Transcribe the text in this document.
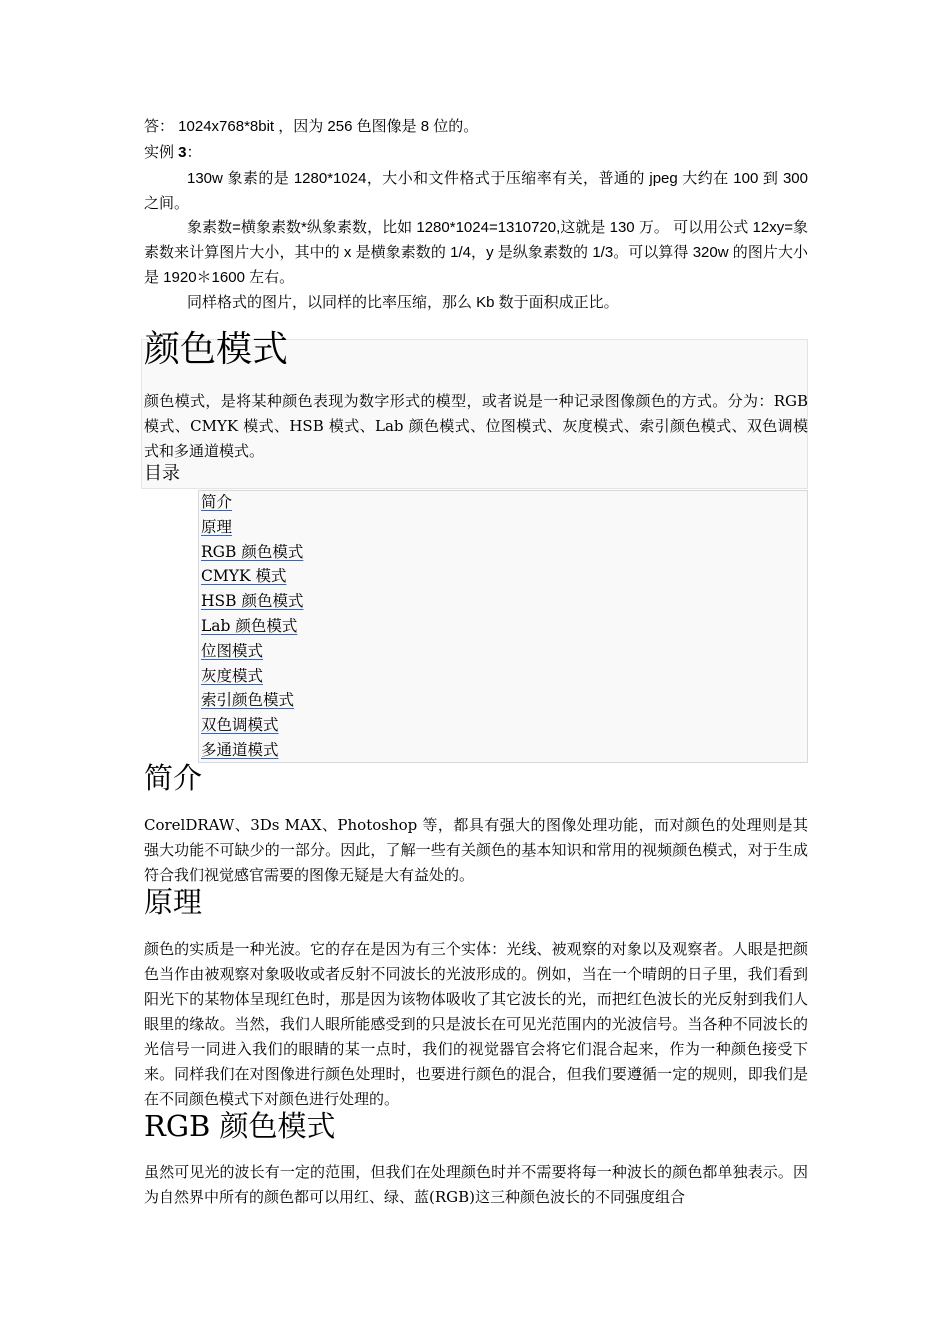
答： 1024x768*8bit ，因为 256 色图像是 8 位的。
实例 3：
130w 象素的是 1280*1024，大小和文件格式于压缩率有关，普通的 jpeg 大约在 100 到 300 之间。
象素数=横象素数*纵象素数，比如 1280*1024=1310720,这就是 130 万。 可以用公式 12xy=象素数来计算图片大小，其中的 x 是横象素数的 1/4，y 是纵象素数的 1/3。可以算得 320w 的图片大小是 1920＊1600 左右。
同样格式的图片，以同样的比率压缩，那么 Kb 数于面积成正比。
颜色模式
颜色模式，是将某种颜色表现为数字形式的模型，或者说是一种记录图像颜色的方式。分为：RGB 模式、CMYK 模式、HSB 模式、Lab 颜色模式、位图模式、灰度模式、索引颜色模式、双色调模式和多通道模式。
目录
简介
原理
RGB 颜色模式
CMYK 模式
HSB 颜色模式
Lab 颜色模式
位图模式
灰度模式
索引颜色模式
双色调模式
多通道模式
简介
CorelDRAW、3Ds MAX、Photoshop 等，都具有强大的图像处理功能，而对颜色的处理则是其强大功能不可缺少的一部分。因此，了解一些有关颜色的基本知识和常用的视频颜色模式，对于生成符合我们视觉感官需要的图像无疑是大有益处的。
原理
颜色的实质是一种光波。它的存在是因为有三个实体：光线、被观察的对象以及观察者。人眼是把颜色当作由被观察对象吸收或者反射不同波长的光波形成的。例如，当在一个晴朗的日子里，我们看到阳光下的某物体呈现红色时，那是因为该物体吸收了其它波长的光，而把红色波长的光反射到我们人眼里的缘故。当然，我们人眼所能感受到的只是波长在可见光范围内的光波信号。当各种不同波长的光信号一同进入我们的眼睛的某一点时，我们的视觉器官会将它们混合起来，作为一种颜色接受下来。同样我们在对图像进行颜色处理时，也要进行颜色的混合，但我们要遵循一定的规则，即我们是在不同颜色模式下对颜色进行处理的。
RGB 颜色模式
虽然可见光的波长有一定的范围，但我们在处理颜色时并不需要将每一种波长的颜色都单独表示。因为自然界中所有的颜色都可以用红、绿、蓝(RGB)这三种颜色波长的不同强度组合
